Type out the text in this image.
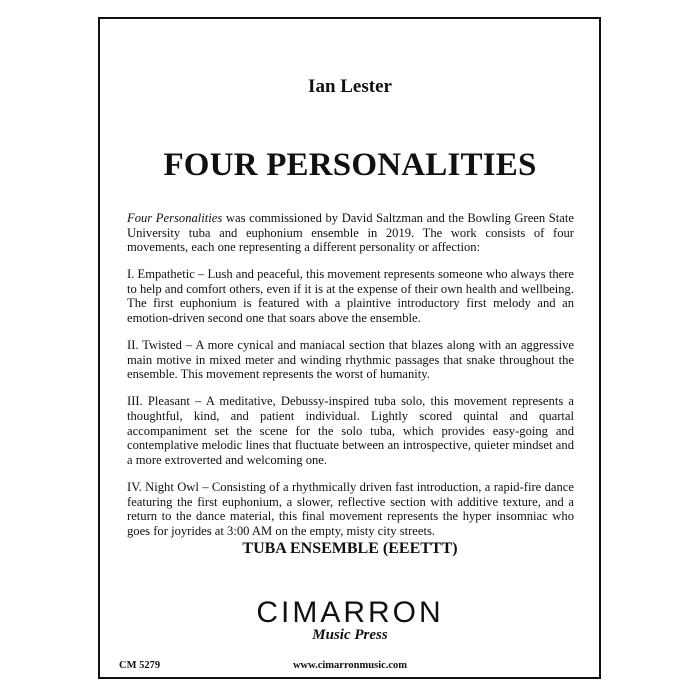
Ian Lester
FOUR PERSONALITIES

Four Personalities was commissioned by David Saltzman and the Bowling Green State University tuba and euphonium ensemble in 2019. The work consists of four movements, each one representing a different personality or affection:

I. Empathetic – Lush and peaceful, this movement represents someone who always there to help and comfort others, even if it is at the expense of their own health and wellbeing. The first euphonium is featured with a plaintive introductory first melody and an emotion-driven second one that soars above the ensemble.

II. Twisted – A more cynical and maniacal section that blazes along with an aggressive main motive in mixed meter and winding rhythmic passages that snake throughout the ensemble. This movement represents the worst of humanity.

III. Pleasant – A meditative, Debussy-inspired tuba solo, this movement represents a thoughtful, kind, and patient individual. Lightly scored quintal and quartal accompaniment set the scene for the solo tuba, which provides easy-going and contemplative melodic lines that fluctuate between an introspective, quieter mindset and a more extroverted and welcoming one.

IV. Night Owl – Consisting of a rhythmically driven fast introduction, a rapid-fire dance featuring the first euphonium, a slower, reflective section with additive texture, and a return to the dance material, this final movement represents the hyper insomniac who goes for joyrides at 3:00 AM on the empty, misty city streets.

TUBA ENSEMBLE (EEETTT)
CIMARRON
Music Press
CM 5279	www.cimarronmusic.com
